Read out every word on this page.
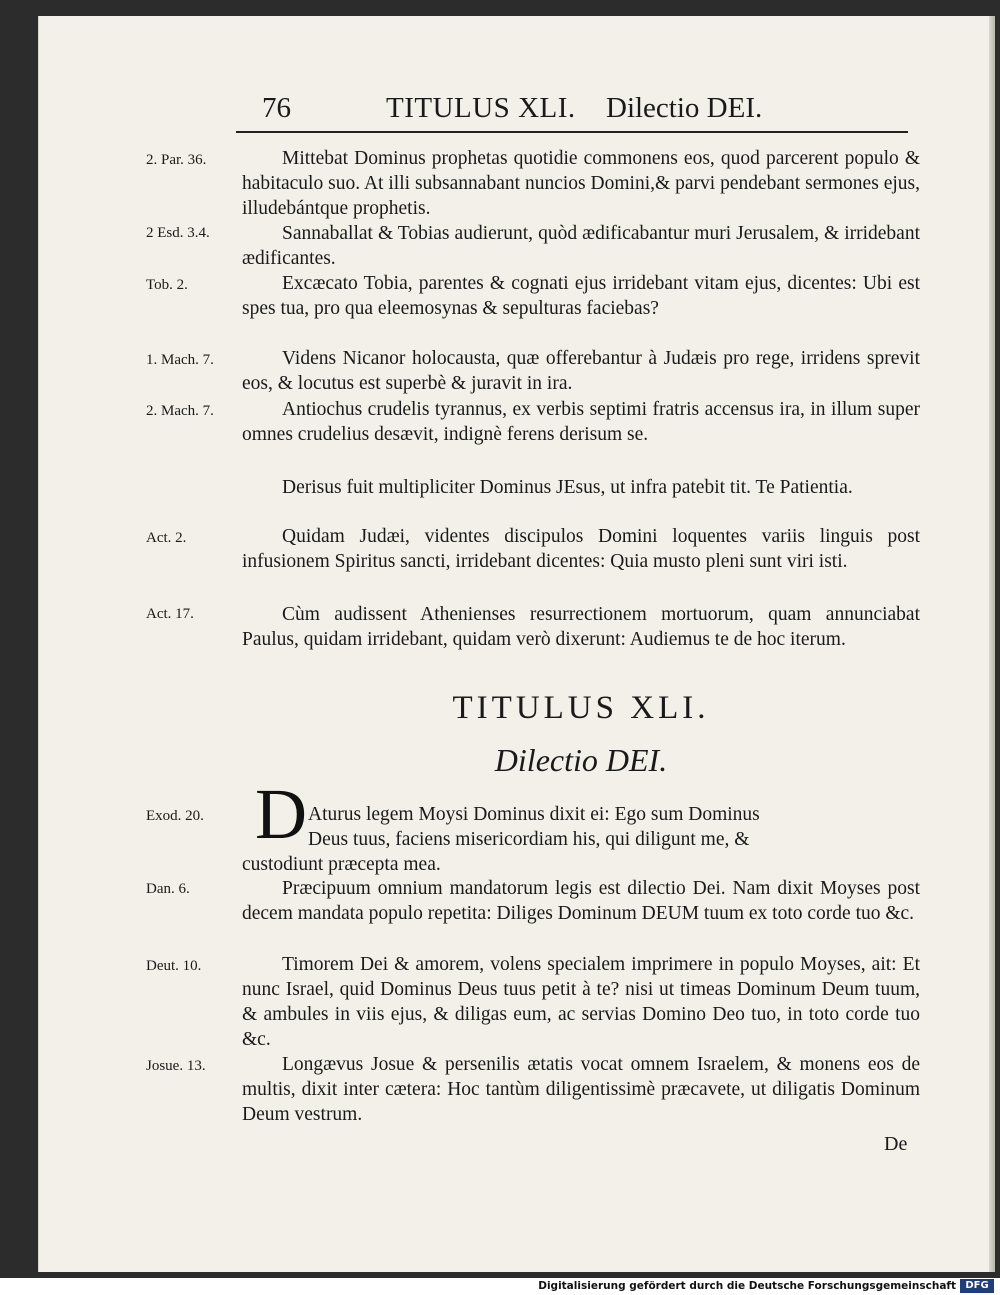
76	TITULUS XLI. Dilectio DEI.
2. Par. 36.	Mittebat Dominus prophetas quotidie commonens eos, quod parcerent populo & habitaculo suo. At illi subsannabant nuncios Domini,& parvi pendebant sermones ejus, illudebántque prophetis.
2 Esd. 3.4.	Sannaballat & Tobias audierunt, quòd ædificabantur muri Jerusalem, & irridebant ædificantes.
Tob. 2.	Excæcato Tobia, parentes & cognati ejus irridebant vitam ejus, dicentes: Ubi est spes tua, pro qua eleemosynas & sepulturas faciebas?
1. Mach. 7.	Videns Nicanor holocausta, quæ offerebantur à Judæis pro rege, irridens sprevit eos, & locutus est superbè & juravit in ira.
2. Mach. 7.	Antiochus crudelis tyrannus, ex verbis septimi fratris accensus ira, in illum super omnes crudelius desævit, indignè ferens derisum se.
Derisus fuit multipliciter Dominus JEsus, ut infra patebit tit. Te Patientia.
Act. 2.	Quidam Judæi, videntes discipulos Domini loquentes variis linguis post infusionem Spiritus sancti, irridebant dicentes: Quia musto pleni sunt viri isti.
Act. 17.	Cùm audissent Athenienses resurrectionem mortuorum, quam annunciabat Paulus, quidam irridebant, quidam verò dixerunt: Audiemus te de hoc iterum.
TITULUS XLI.
Dilectio DEI.
Exod. 20. D Aturus legem Moysi Dominus dixit ei: Ego sum Dominus
Deus tuus, faciens misericordiam his, qui diligunt me, &
custodiunt præcepta mea.
Dan. 6.	Præcipuum omnium mandatorum legis est dilectio Dei. Nam dixit Moyses post decem mandata populo repetita: Diliges Dominum DEUM tuum ex toto corde tuo &c.
Deut. 10.	Timorem Dei & amorem, volens specialem imprimere in populo Moyses, ait: Et nunc Israel, quid Dominus Deus tuus petit à te? nisi ut timeas Dominum Deum tuum, & ambules in viis ejus, & diligas eum, ac servias Domino Deo tuo, in toto corde tuo &c.
Josue. 13.	Longævus Josue & persenilis ætatis vocat omnem Israelem, & monens eos de multis, dixit inter cætera: Hoc tantùm diligentissimè præcavete, ut diligatis Dominum Deum vestrum.
De
Digitalisierung gefördert durch die Deutsche Forschungsgemeinschaft DFG
